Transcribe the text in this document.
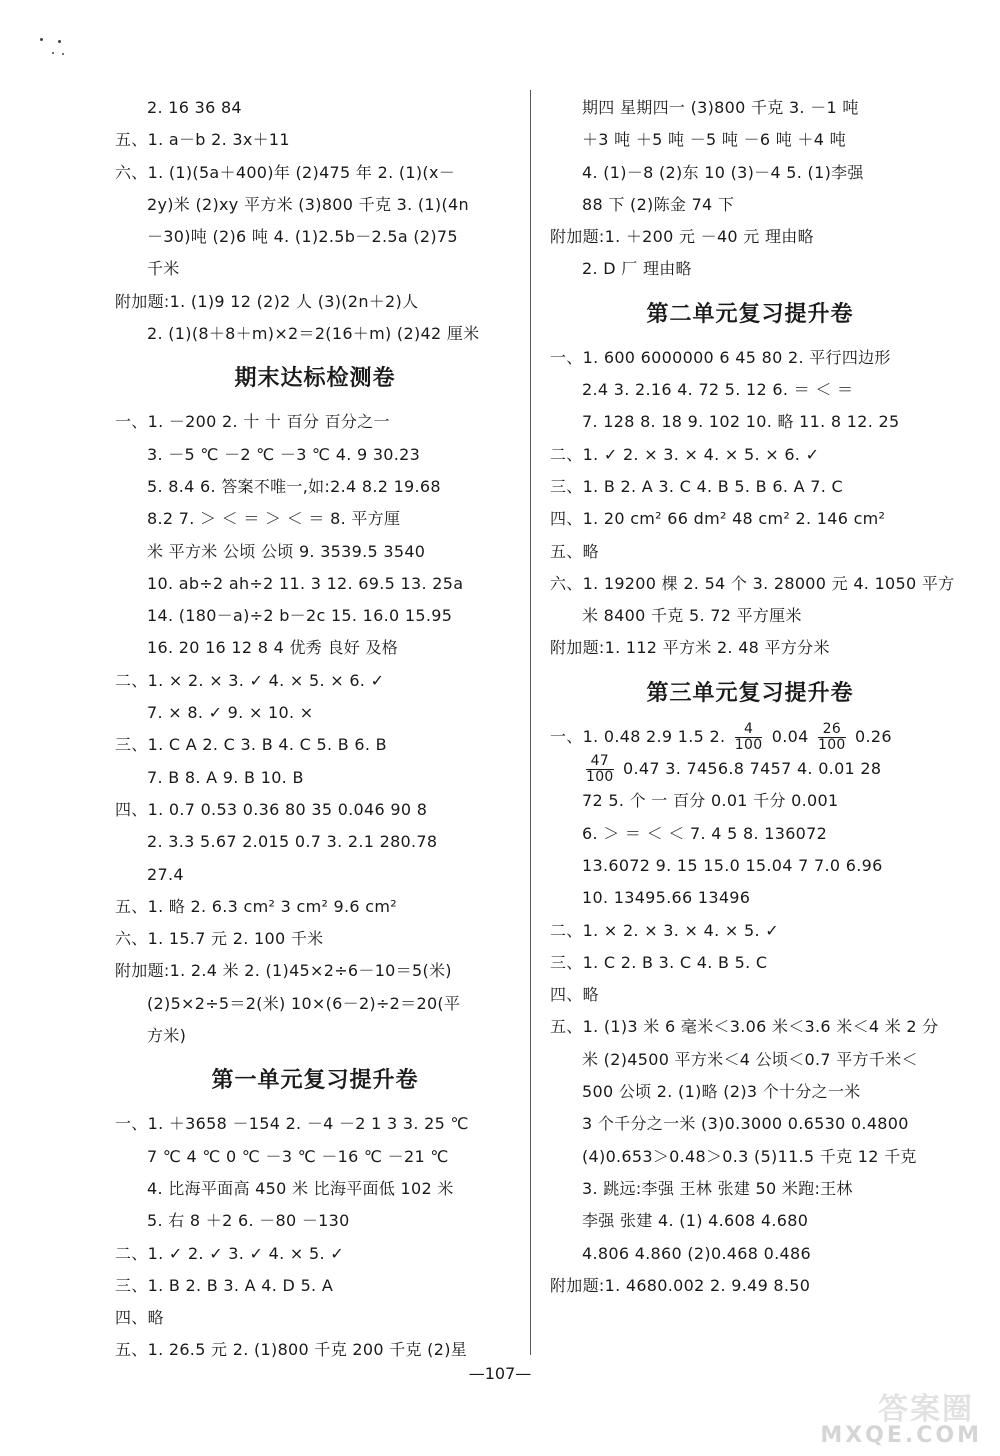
2. 16 36 84
五、1. a－b 2. 3x＋11
六、1. (1)(5a＋400)年 (2)475 年 2. (1)(x－
2y)米 (2)xy 平方米 (3)800 千克 3. (1)(4n
－30)吨 (2)6 吨 4. (1)2.5b－2.5a (2)75
千米
附加题:1. (1)9 12 (2)2 人 (3)(2n＋2)人
2. (1)(8＋8＋m)×2＝2(16＋m) (2)42 厘米
期末达标检测卷
一、1. －200 2. 十 十 百分 百分之一
3. －5 ℃ －2 ℃ －3 ℃ 4. 9 30.23
5. 8.4 6. 答案不唯一,如:2.4 8.2 19.68
8.2 7. ＞ ＜ ＝ ＞ ＜ ＝ 8. 平方厘
米 平方米 公顷 公顷 9. 3539.5 3540
10. ab÷2 ah÷2 11. 3 12. 69.5 13. 25a
14. (180－a)÷2 b－2c 15. 16.0 15.95
16. 20 16 12 8 4 优秀 良好 及格
二、1. × 2. × 3. ✓ 4. × 5. × 6. ✓
7. × 8. ✓ 9. × 10. ×
三、1. C A 2. C 3. B 4. C 5. B 6. B
7. B 8. A 9. B 10. B
四、1. 0.7 0.53 0.36 80 35 0.046 90 8
2. 3.3 5.67 2.015 0.7 3. 2.1 280.78
27.4
五、1. 略 2. 6.3 cm² 3 cm² 9.6 cm²
六、1. 15.7 元 2. 100 千米
附加题:1. 2.4 米 2. (1)45×2÷6－10＝5(米)
(2)5×2÷5＝2(米) 10×(6－2)÷2＝20(平
方米)
第一单元复习提升卷
一、1. ＋3658 －154 2. －4 －2 1 3 3. 25 ℃
7 ℃ 4 ℃ 0 ℃ －3 ℃ －16 ℃ －21 ℃
4. 比海平面高 450 米 比海平面低 102 米
5. 右 8 ＋2 6. －80 －130
二、1. ✓ 2. ✓ 3. ✓ 4. × 5. ✓
三、1. B 2. B 3. A 4. D 5. A
四、略
五、1. 26.5 元 2. (1)800 千克 200 千克 (2)星
期四 星期四一 (3)800 千克 3. －1 吨
＋3 吨 ＋5 吨 －5 吨 －6 吨 ＋4 吨
4. (1)－8 (2)东 10 (3)－4 5. (1)李强
88 下 (2)陈金 74 下
附加题:1. ＋200 元 －40 元 理由略
2. D 厂 理由略
第二单元复习提升卷
一、1. 600 6000000 6 45 80 2. 平行四边形
2.4 3. 2.16 4. 72 5. 12 6. ＝ ＜ ＝
7. 128 8. 18 9. 102 10. 略 11. 8 12. 25
二、1. ✓ 2. × 3. × 4. × 5. × 6. ✓
三、1. B 2. A 3. C 4. B 5. B 6. A 7. C
四、1. 20 cm² 66 dm² 48 cm² 2. 146 cm²
五、略
六、1. 19200 棵 2. 54 个 3. 28000 元 4. 1050 平方
米 8400 千克 5. 72 平方厘米
附加题:1. 112 平方米 2. 48 平方分米
第三单元复习提升卷
一、1. 0.48 2.9 1.5 2. $\frac{4}{100} 0.04 \frac{26}{100} 0.26$
$\frac{47}{100} 0.47$ 3. 7456.8 7457 4. 0.01 28
72 5. 个 一 百分 0.01 千分 0.001
6. ＞ ＝ ＜ ＜ 7. 4 5 8. 136072
13.6072 9. 15 15.0 15.04 7 7.0 6.96
10. 13495.66 13496
二、1. × 2. × 3. × 4. × 5. ✓
三、1. C 2. B 3. C 4. B 5. C
四、略
五、1. (1)3 米 6 毫米＜3.06 米＜3.6 米＜4 米 2 分
米 (2)4500 平方米＜4 公顷＜0.7 平方千米＜
500 公顷 2. (1)略 (2)3 个十分之一米
3 个千分之一米 (3)0.3000 0.6530 0.4800
(4)0.653＞0.48＞0.3 (5)11.5 千克 12 千克
3. 跳远:李强 王林 张建 50 米跑:王林
李强 张建 4. (1) 4.608 4.680
4.806 4.860 (2)0.468 0.486
附加题:1. 4680.002 2. 9.49 8.50
—107—
答案圈
MXQE.COM
